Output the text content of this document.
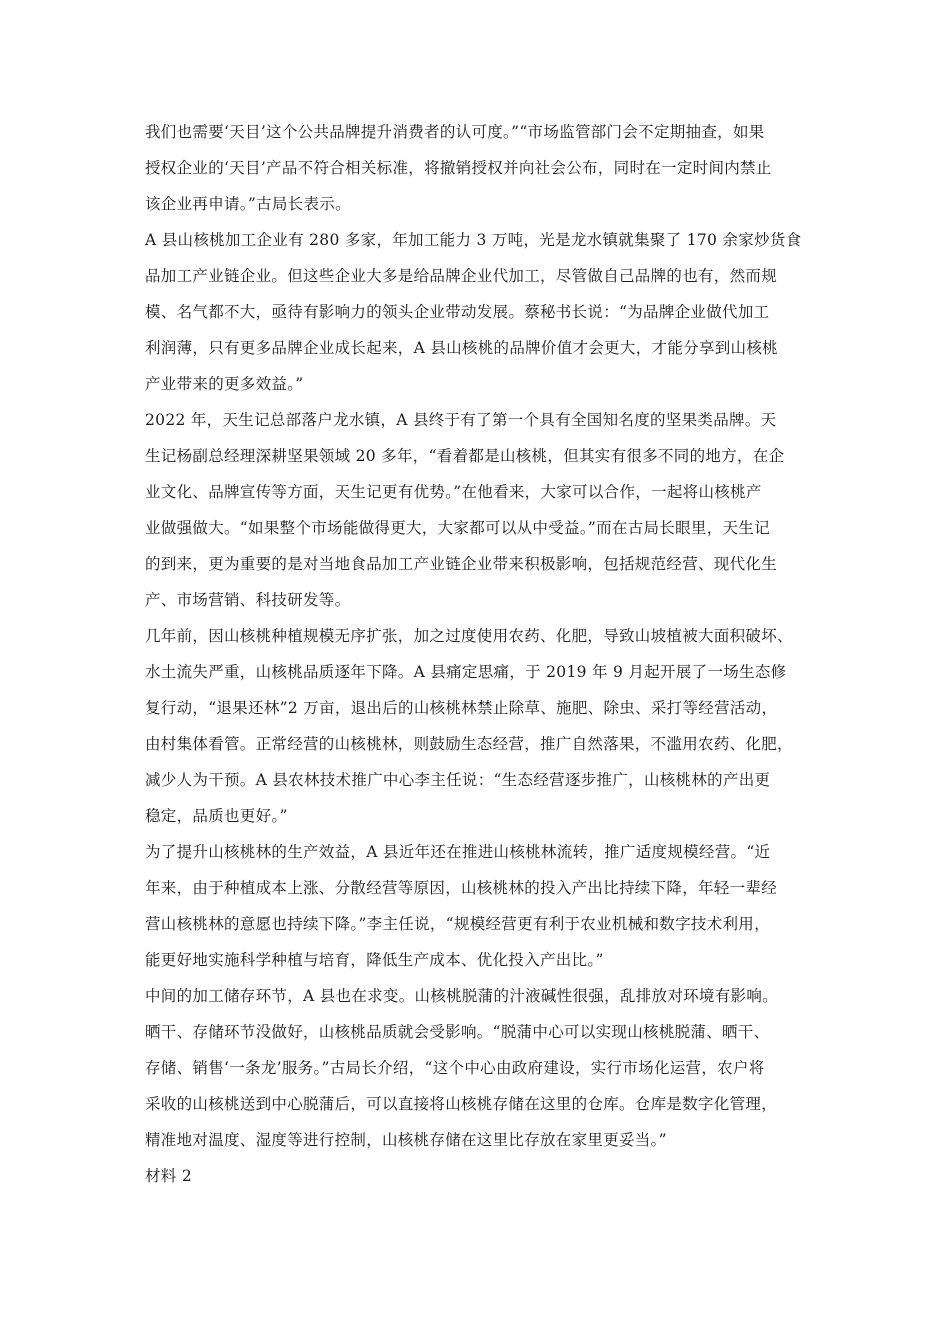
我们也需要‘天目’这个公共品牌提升消费者的认可度。”“市场监管部门会不定期抽查，如果
授权企业的‘天目’产品不符合相关标准，将撤销授权并向社会公布，同时在一定时间内禁止
该企业再申请。”古局长表示。
A 县山核桃加工企业有 280 多家，年加工能力 3 万吨，光是龙水镇就集聚了 170 余家炒货食
品加工产业链企业。但这些企业大多是给品牌企业代加工，尽管做自己品牌的也有，然而规
模、名气都不大，亟待有影响力的领头企业带动发展。蔡秘书长说：“为品牌企业做代加工
利润薄，只有更多品牌企业成长起来，A 县山核桃的品牌价值才会更大，才能分享到山核桃
产业带来的更多效益。”
2022 年，天生记总部落户龙水镇，A 县终于有了第一个具有全国知名度的坚果类品牌。天
生记杨副总经理深耕坚果领域 20 多年，“看着都是山核桃，但其实有很多不同的地方，在企
业文化、品牌宣传等方面，天生记更有优势。”在他看来，大家可以合作，一起将山核桃产
业做强做大。“如果整个市场能做得更大，大家都可以从中受益。”而在古局长眼里，天生记
的到来，更为重要的是对当地食品加工产业链企业带来积极影响，包括规范经营、现代化生
产、市场营销、科技研发等。
几年前，因山核桃种植规模无序扩张，加之过度使用农药、化肥，导致山坡植被大面积破坏、
水土流失严重，山核桃品质逐年下降。A 县痛定思痛，于 2019 年 9 月起开展了一场生态修
复行动，“退果还林”2 万亩，退出后的山核桃林禁止除草、施肥、除虫、采打等经营活动，
由村集体看管。正常经营的山核桃林，则鼓励生态经营，推广自然落果，不滥用农药、化肥，
减少人为干预。A 县农林技术推广中心李主任说：“生态经营逐步推广，山核桃林的产出更
稳定，品质也更好。”
为了提升山核桃林的生产效益，A 县近年还在推进山核桃林流转，推广适度规模经营。“近
年来，由于种植成本上涨、分散经营等原因，山核桃林的投入产出比持续下降，年轻一辈经
营山核桃林的意愿也持续下降。”李主任说，“规模经营更有利于农业机械和数字技术利用，
能更好地实施科学种植与培育，降低生产成本、优化投入产出比。”
中间的加工储存环节，A 县也在求变。山核桃脱蒲的汁液碱性很强，乱排放对环境有影响。
晒干、存储环节没做好，山核桃品质就会受影响。“脱蒲中心可以实现山核桃脱蒲、晒干、
存储、销售‘一条龙’服务。”古局长介绍，“这个中心由政府建设，实行市场化运营，农户将
采收的山核桃送到中心脱蒲后，可以直接将山核桃存储在这里的仓库。仓库是数字化管理，
精准地对温度、湿度等进行控制，山核桃存储在这里比存放在家里更妥当。”
材料 2
